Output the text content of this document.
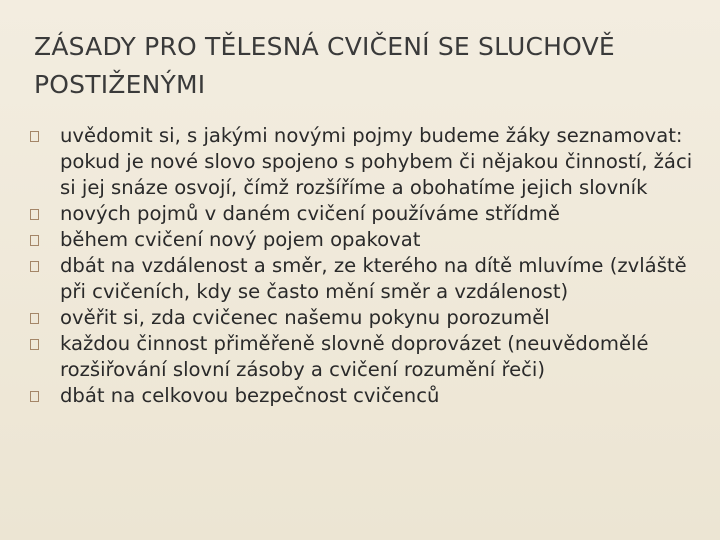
ZÁSADY PRO TĚLESNÁ CVIČENÍ SE SLUCHOVĚ
POSTIŽENÝMI
uvědomit si, s jakými novými pojmy budeme žáky seznamovat: pokud je nové slovo spojeno s pohybem či nějakou činností, žáci si jej snáze osvojí, čímž rozšíříme a obohatíme jejich slovník
nových pojmů v daném cvičení používáme střídmě
během cvičení nový pojem opakovat
dbát na vzdálenost a směr, ze kterého na dítě mluvíme (zvláště při cvičeních, kdy se často mění směr a vzdálenost)
ověřit si, zda cvičenec našemu pokynu porozuměl
každou činnost přiměřeně slovně doprovázet (neuvědomělé rozšiřování slovní zásoby a cvičení rozumění řeči)
dbát na celkovou bezpečnost cvičenců
